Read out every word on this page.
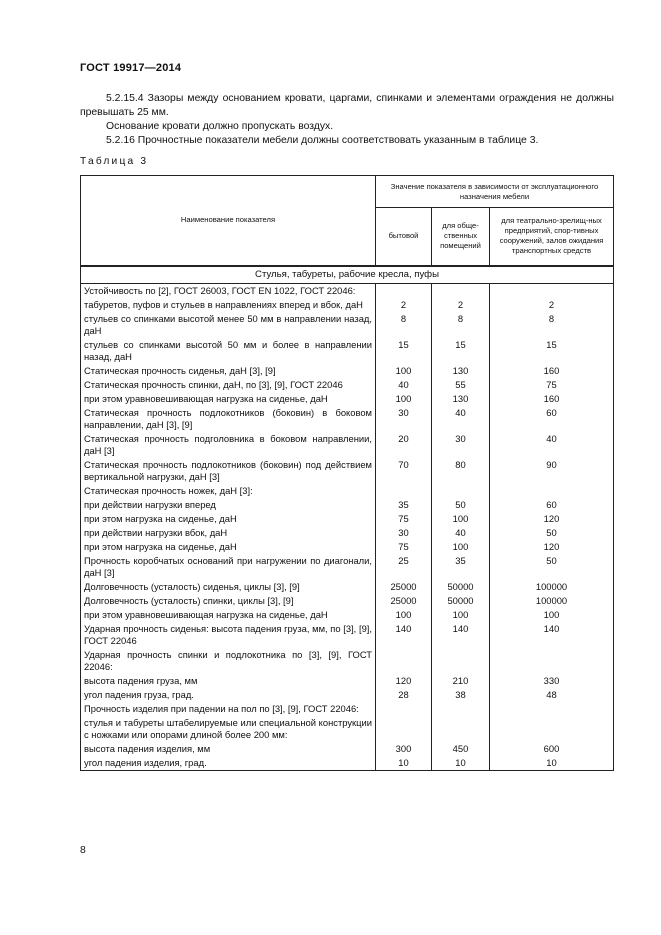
ГОСТ 19917—2014

5.2.15.4 Зазоры между основанием кровати, царгами, спинками и элементами ограждения не должны превышать 25 мм.

Основание кровати должно пропускать воздух.

5.2.16 Прочностные показатели мебели должны соответствовать указанным в таблице 3.

Таблица 3
Наименование показателя	Значение показателя в зависимости от эксплуатационного назначения мебели		
	бытовой	для обще-ственных помещений	для театрально-зрелищ-ных предприятий, спор-тивных сооружений, залов ожидания транспортных средств
Стулья, табуреты, рабочие кресла, пуфы			
Устойчивость по [2], ГОСТ 26003, ГОСТ EN 1022, ГОСТ 22046:			
табуретов, пуфов и стульев в направлениях вперед и вбок, даН	2	2	2
стульев со спинками высотой менее 50 мм в направлении назад, даН	8	8	8
стульев со спинками высотой 50 мм и более в направлении назад, даН	15	15	15
Статическая прочность сиденья, даН [3], [9]	100	130	160
Статическая прочность спинки, даН, по [3], [9], ГОСТ 22046	40	55	75
при этом уравновешивающая нагрузка на сиденье, даН	100	130	160
Статическая прочность подлокотников (боковин) в боковом направлении, даН [3], [9]	30	40	60
Статическая прочность подголовника в боковом направлении, даН [3]	20	30	40
Статическая прочность подлокотников (боковин) под действием вертикальной нагрузки, даН [3]	70	80	90
Статическая прочность ножек, даН [3]:			
при действии нагрузки вперед	35	50	60
при этом нагрузка на сиденье, даН	75	100	120
при действии нагрузки вбок, даН	30	40	50
при этом нагрузка на сиденье, даН	75	100	120
Прочность коробчатых оснований при нагружении по диагонали, даН [3]	25	35	50
Долговечность (усталость) сиденья, циклы [3], [9]	25000	50000	100000
Долговечность (усталость) спинки, циклы [3], [9]	25000	50000	100000
при этом уравновешивающая нагрузка на сиденье, даН	100	100	100
Ударная прочность сиденья: высота падения груза, мм, по [3], [9], ГОСТ 22046	140	140	140
Ударная прочность спинки и подлокотника по [3], [9], ГОСТ 22046:			
высота падения груза, мм	120	210	330
угол падения груза, град.	28	38	48
Прочность изделия при падении на пол по [3], [9], ГОСТ 22046:			
стулья и табуреты штабелируемые или специальной конструкции с ножками или опорами длиной более 200 мм:			
высота падения изделия, мм	300	450	600
угол падения изделия, град.	10	10	10
8
